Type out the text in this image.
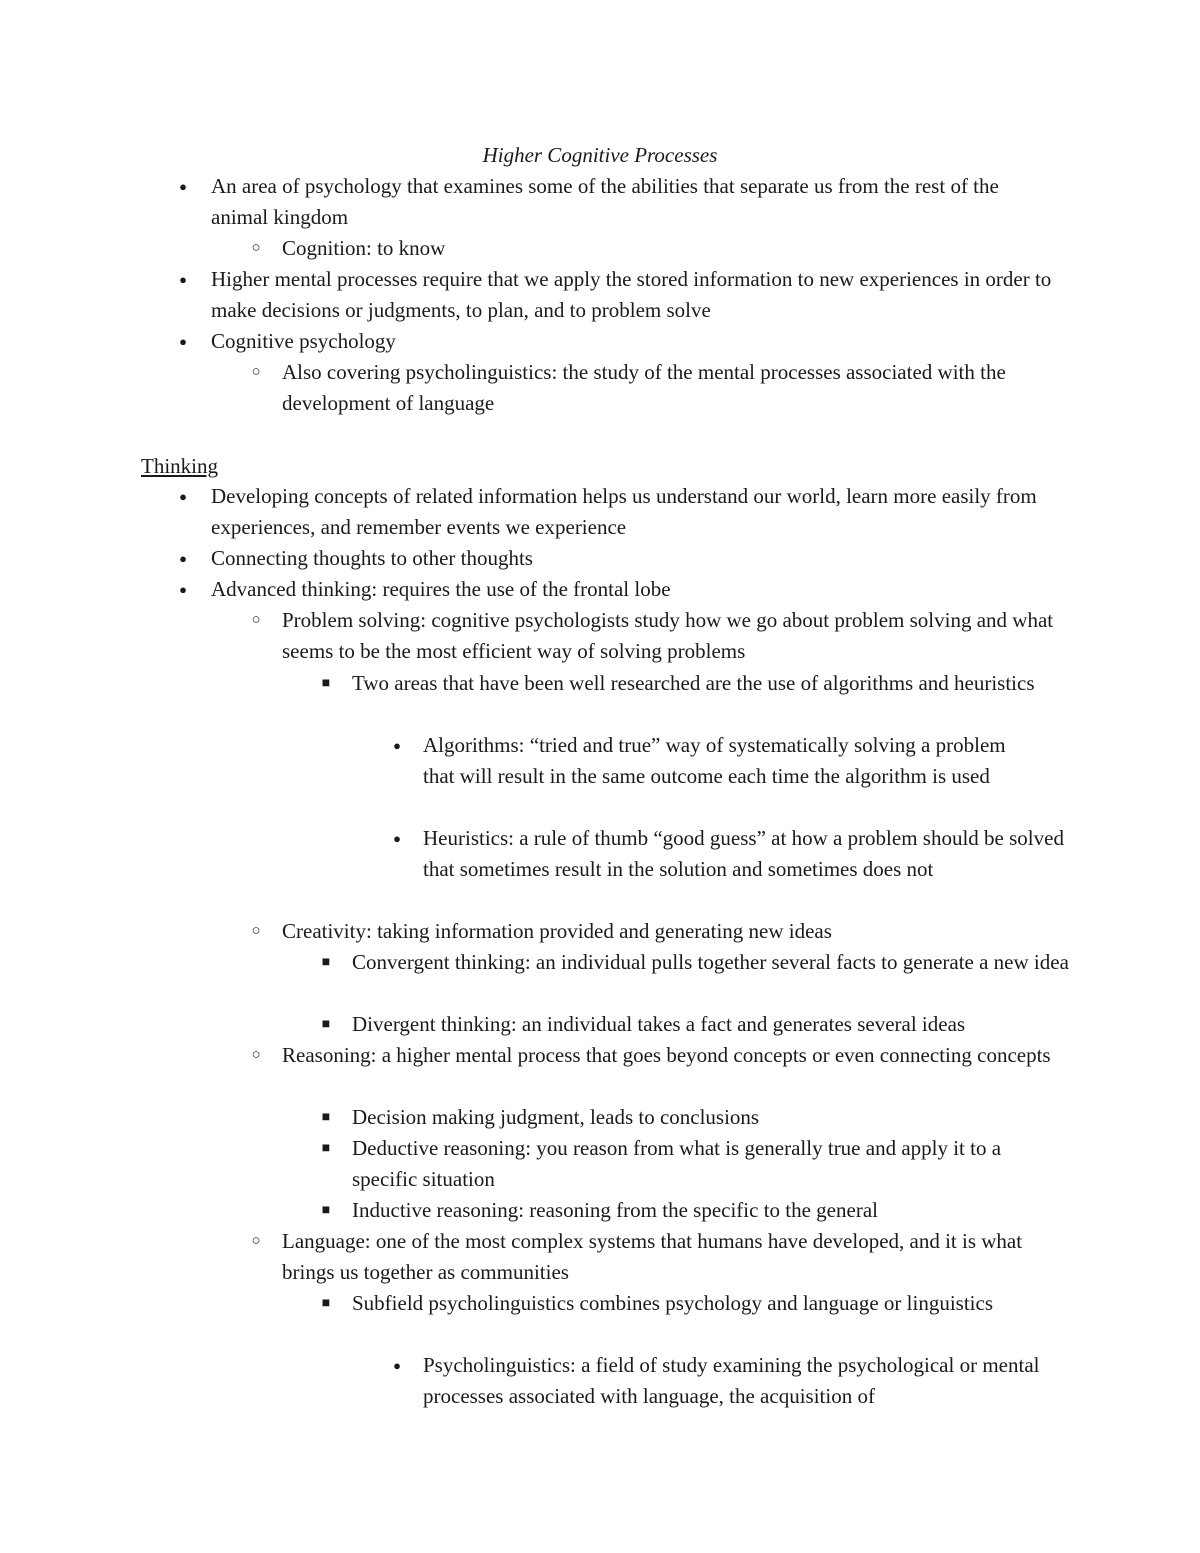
Higher Cognitive Processes
●	An area of psychology that examines some of the abilities that separate us from the rest of the animal kingdom

○	Cognition: to know

●	Higher mental processes require that we apply the stored information to new experiences in order to make decisions or judgments, to plan, and to problem solve

●	Cognitive psychology

○	Also covering psycholinguistics: the study of the mental processes associated with the development of language

Thinking
●	Developing concepts of related information helps us understand our world, learn more easily from experiences, and remember events we experience

●	Connecting thoughts to other thoughts

●	Advanced thinking: requires the use of the frontal lobe

○	Problem solving: cognitive psychologists study how we go about problem solving and what seems to be the most efficient way of solving problems

■	Two areas that have been well researched are the use of algorithms and heuristics

●	Algorithms: “tried and true” way of systematically solving a problem that will result in the same outcome each time the algorithm is used

●	Heuristics: a rule of thumb “good guess” at how a problem should be solved that sometimes result in the solution and sometimes does not

○	Creativity: taking information provided and generating new ideas

■	Convergent thinking: an individual pulls together several facts to generate a new idea

■	Divergent thinking: an individual takes a fact and generates several ideas

○	Reasoning: a higher mental process that goes beyond concepts or even connecting concepts

■	Decision making judgment, leads to conclusions

■	Deductive reasoning: you reason from what is generally true and apply it to a specific situation

■	Inductive reasoning: reasoning from the specific to the general

○	Language: one of the most complex systems that humans have developed, and it is what brings us together as communities

■	Subfield psycholinguistics combines psychology and language or linguistics

●	Psycholinguistics: a field of study examining the psychological or mental processes associated with language, the acquisition of
